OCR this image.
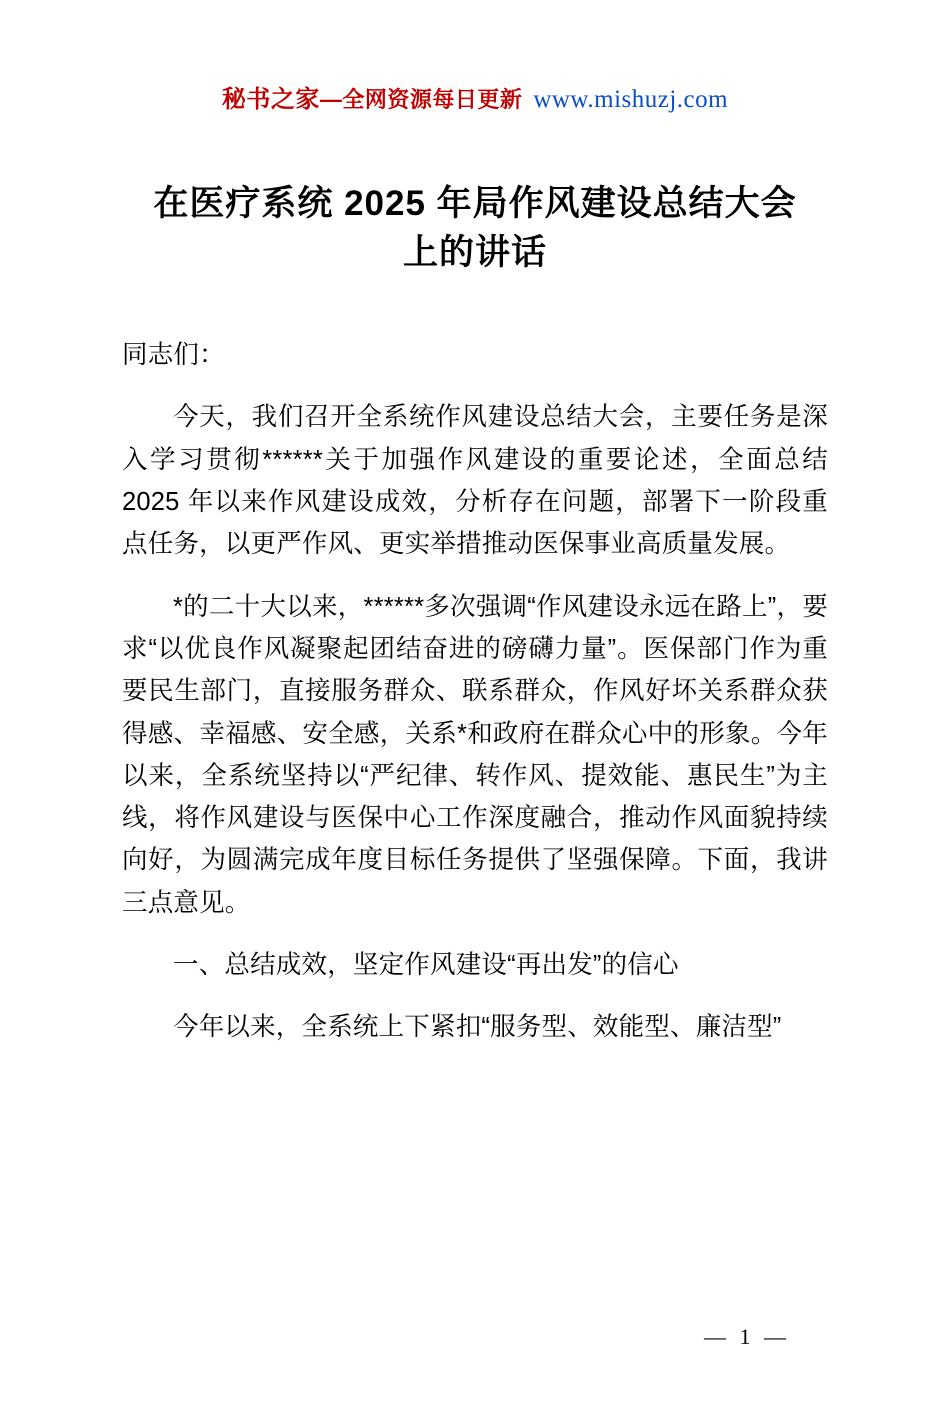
秘书之家—全网资源每日更新 www.mishuzj.com
在医疗系统 2025 年局作风建设总结大会上的讲话

同志们：

今天，我们召开全系统作风建设总结大会，主要任务是深入学习贯彻******关于加强作风建设的重要论述，全面总结 2025 年以来作风建设成效，分析存在问题，部署下一阶段重点任务，以更严作风、更实举措推动医保事业高质量发展。

*的二十大以来，******多次强调“作风建设永远在路上”，要求“以优良作风凝聚起团结奋进的磅礴力量”。医保部门作为重要民生部门，直接服务群众、联系群众，作风好坏关系群众获得感、幸福感、安全感，关系*和政府在群众心中的形象。今年以来，全系统坚持以“严纪律、转作风、提效能、惠民生”为主线，将作风建设与医保中心工作深度融合，推动作风面貌持续向好，为圆满完成年度目标任务提供了坚强保障。下面，我讲三点意见。

一、总结成效，坚定作风建设“再出发”的信心

今年以来，全系统上下紧扣“服务型、效能型、廉洁型”

— 1 —
